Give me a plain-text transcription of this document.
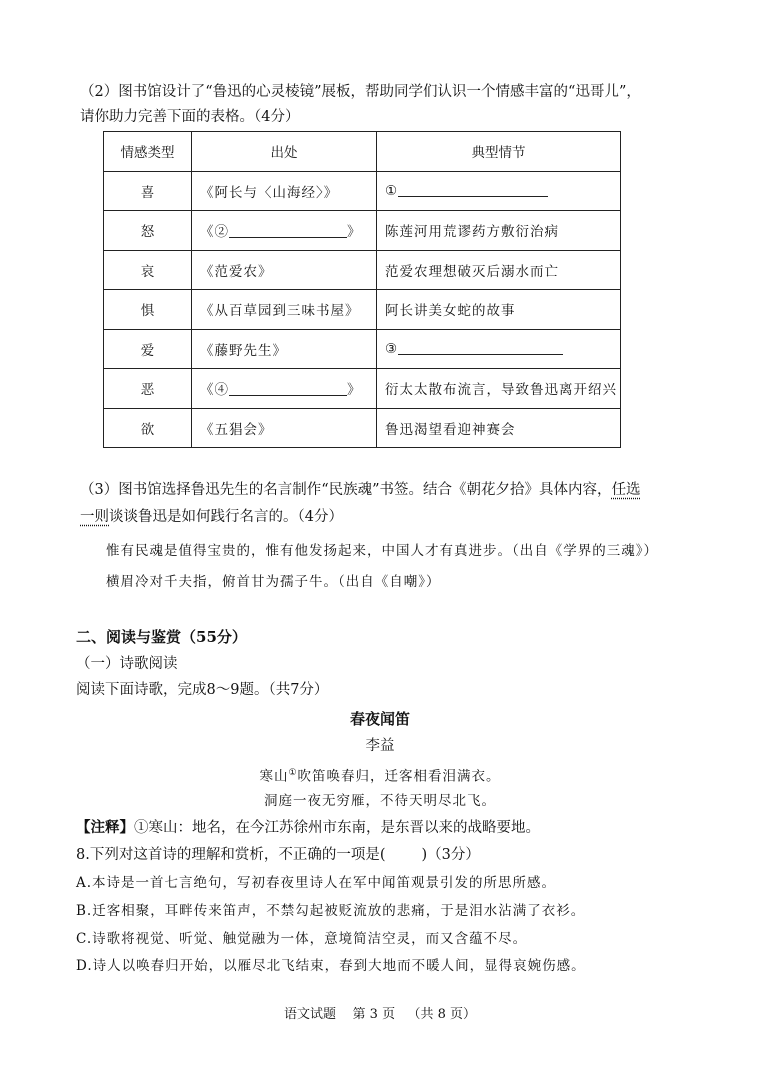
（2）图书馆设计了“鲁迅的心灵棱镜”展板，帮助同学们认识一个情感丰富的“迅哥儿”，
请你助力完善下面的表格。（4分）
情感类型	出处	典型情节
喜	《阿长与〈山海经〉》	①
怒	《② 》	陈莲河用荒谬药方敷衍治病
哀	《范爱农》	范爱农理想破灭后溺水而亡
惧	《从百草园到三味书屋》	阿长讲美女蛇的故事
爱	《藤野先生》	③
恶	《④ 》	衍太太散布流言，导致鲁迅离开绍兴
欲	《五猖会》	鲁迅渴望看迎神赛会
（3）图书馆选择鲁迅先生的名言制作“民族魂”书签。结合《朝花夕拾》具体内容，任选
一则谈谈鲁迅是如何践行名言的。（4分）
惟有民魂是值得宝贵的，惟有他发扬起来，中国人才有真进步。（出自《学界的三魂》）
横眉冷对千夫指，俯首甘为孺子牛。（出自《自嘲》）
二、阅读与鉴赏（55分）
（一）诗歌阅读
阅读下面诗歌，完成8～9题。（共7分）
春夜闻笛
李益
寒山①吹笛唤春归，迁客相看泪满衣。
洞庭一夜无穷雁，不待天明尽北飞。
【注释】①寒山：地名，在今江苏徐州市东南，是东晋以来的战略要地。
8.下列对这首诗的理解和赏析，不正确的一项是( )（3分）
A.本诗是一首七言绝句，写初春夜里诗人在军中闻笛观景引发的所思所感。
B.迁客相聚，耳畔传来笛声，不禁勾起被贬流放的悲痛，于是泪水沾满了衣衫。
C.诗歌将视觉、听觉、触觉融为一体，意境简洁空灵，而又含蕴不尽。
D.诗人以唤春归开始，以雁尽北飞结束，春到大地而不暖人间，显得哀婉伤感。
语文试题    第 3 页   （共 8 页）
